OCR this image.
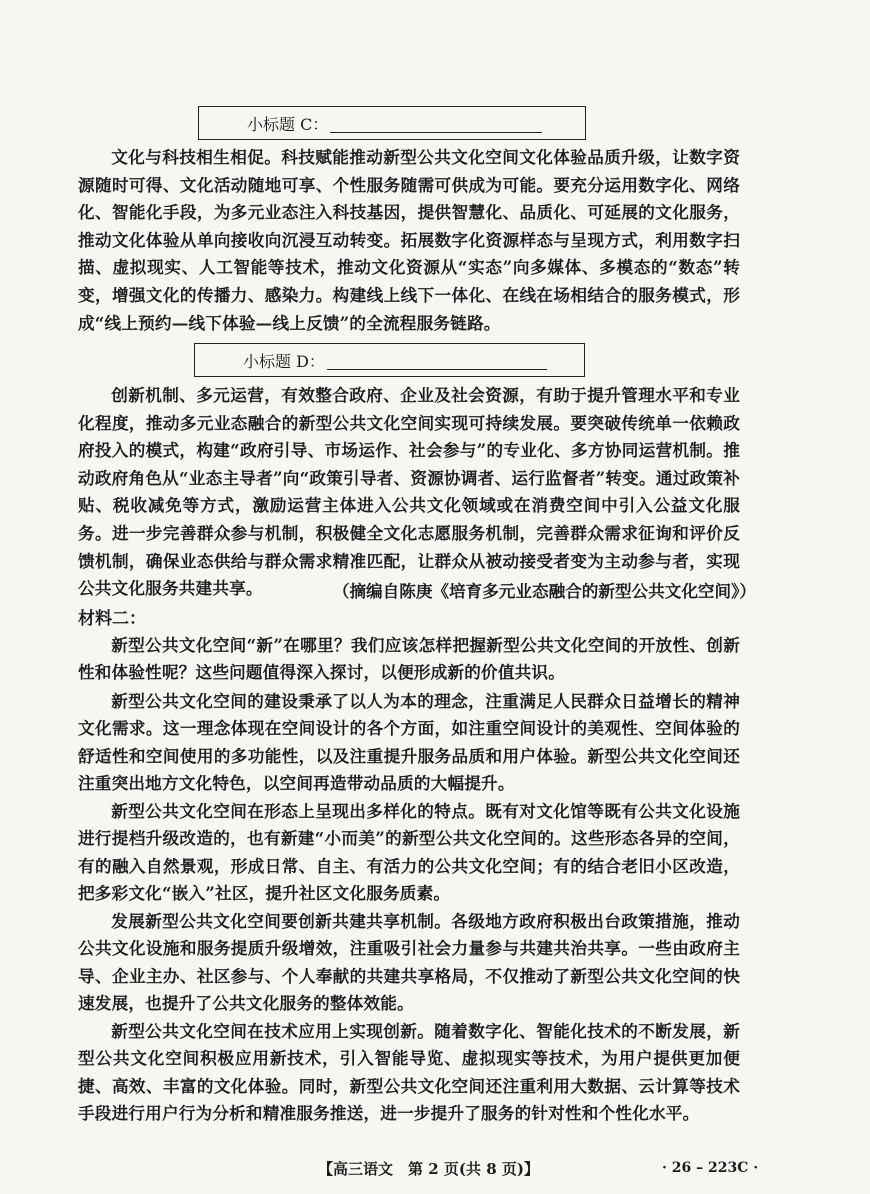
小标题 C：

文化与科技相生相促。科技赋能推动新型公共文化空间文化体验品质升级，让数字资源随时可得、文化活动随地可享、个性服务随需可供成为可能。要充分运用数字化、网络化、智能化手段，为多元业态注入科技基因，提供智慧化、品质化、可延展的文化服务，推动文化体验从单向接收向沉浸互动转变。拓展数字化资源样态与呈现方式，利用数字扫描、虚拟现实、人工智能等技术，推动文化资源从“实态”向多媒体、多模态的“数态”转变，增强文化的传播力、感染力。构建线上线下一体化、在线在场相结合的服务模式，形成“线上预约—线下体验—线上反馈”的全流程服务链路。

小标题 D：

创新机制、多元运营，有效整合政府、企业及社会资源，有助于提升管理水平和专业化程度，推动多元业态融合的新型公共文化空间实现可持续发展。要突破传统单一依赖政府投入的模式，构建“政府引导、市场运作、社会参与”的专业化、多方协同运营机制。推动政府角色从“业态主导者”向“政策引导者、资源协调者、运行监督者”转变。通过政策补贴、税收减免等方式，激励运营主体进入公共文化领域或在消费空间中引入公益文化服务。进一步完善群众参与机制，积极健全文化志愿服务机制，完善群众需求征询和评价反馈机制，确保业态供给与群众需求精准匹配，让群众从被动接受者变为主动参与者，实现公共文化服务共建共享。	（摘编自陈庚《培育多元业态融合的新型公共文化空间》）

材料二：

新型公共文化空间“新”在哪里？我们应该怎样把握新型公共文化空间的开放性、创新性和体验性呢？这些问题值得深入探讨，以便形成新的价值共识。

新型公共文化空间的建设秉承了以人为本的理念，注重满足人民群众日益增长的精神文化需求。这一理念体现在空间设计的各个方面，如注重空间设计的美观性、空间体验的舒适性和空间使用的多功能性，以及注重提升服务品质和用户体验。新型公共文化空间还注重突出地方文化特色，以空间再造带动品质的大幅提升。

新型公共文化空间在形态上呈现出多样化的特点。既有对文化馆等既有公共文化设施进行提档升级改造的，也有新建“小而美”的新型公共文化空间的。这些形态各异的空间，有的融入自然景观，形成日常、自主、有活力的公共文化空间；有的结合老旧小区改造，把多彩文化“嵌入”社区，提升社区文化服务质素。

发展新型公共文化空间要创新共建共享机制。各级地方政府积极出台政策措施，推动公共文化设施和服务提质升级增效，注重吸引社会力量参与共建共治共享。一些由政府主导、企业主办、社区参与、个人奉献的共建共享格局，不仅推动了新型公共文化空间的快速发展，也提升了公共文化服务的整体效能。

新型公共文化空间在技术应用上实现创新。随着数字化、智能化技术的不断发展，新型公共文化空间积极应用新技术，引入智能导览、虚拟现实等技术，为用户提供更加便捷、高效、丰富的文化体验。同时，新型公共文化空间还注重利用大数据、云计算等技术手段进行用户行为分析和精准服务推送，进一步提升了服务的针对性和个性化水平。

【高三语文　第 2 页(共 8 页)】	· 26 – 223C ·
